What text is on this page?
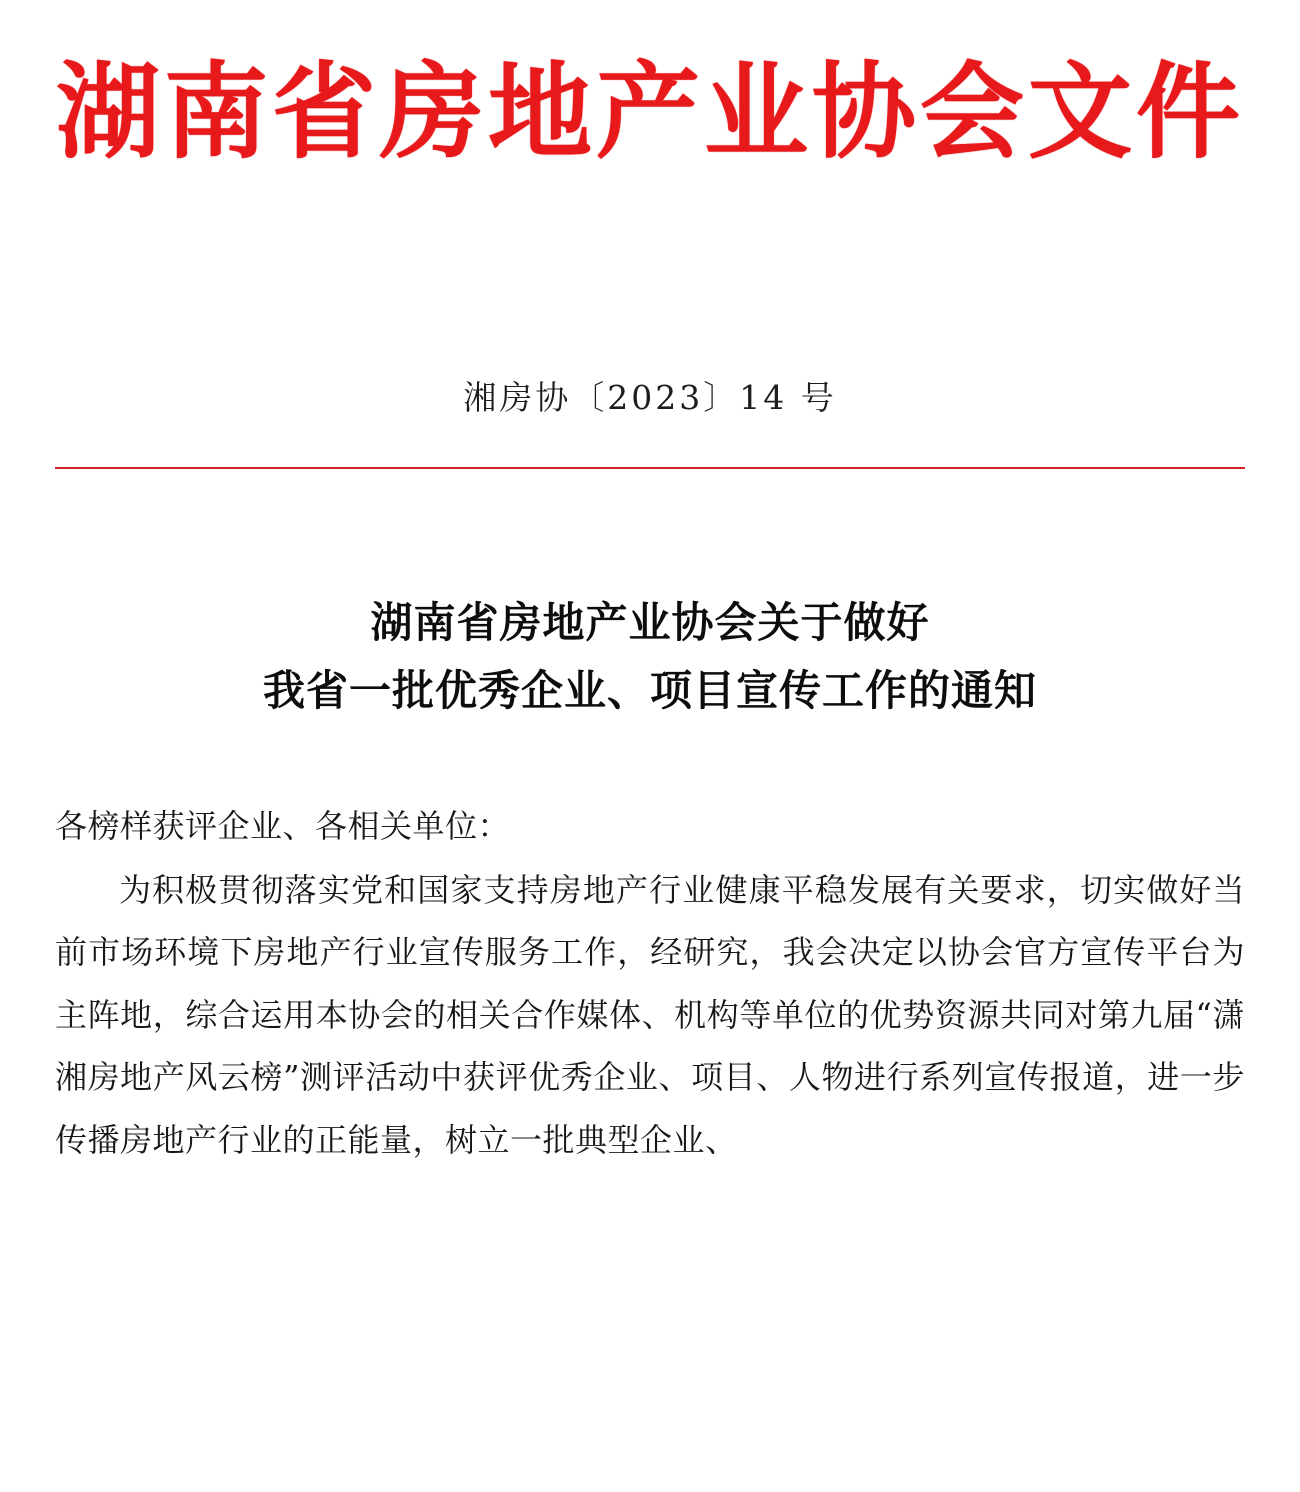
湖南省房地产业协会文件
湘房协〔2023〕14 号
湖南省房地产业协会关于做好
我省一批优秀企业、项目宣传工作的通知

各榜样获评企业、各相关单位：

为积极贯彻落实党和国家支持房地产行业健康平稳发展有关要求，切实做好当前市场环境下房地产行业宣传服务工作，经研究，我会决定以协会官方宣传平台为主阵地，综合运用本协会的相关合作媒体、机构等单位的优势资源共同对第九届“潇湘房地产风云榜”测评活动中获评优秀企业、项目、人物进行系列宣传报道，进一步传播房地产行业的正能量，树立一批典型企业、
